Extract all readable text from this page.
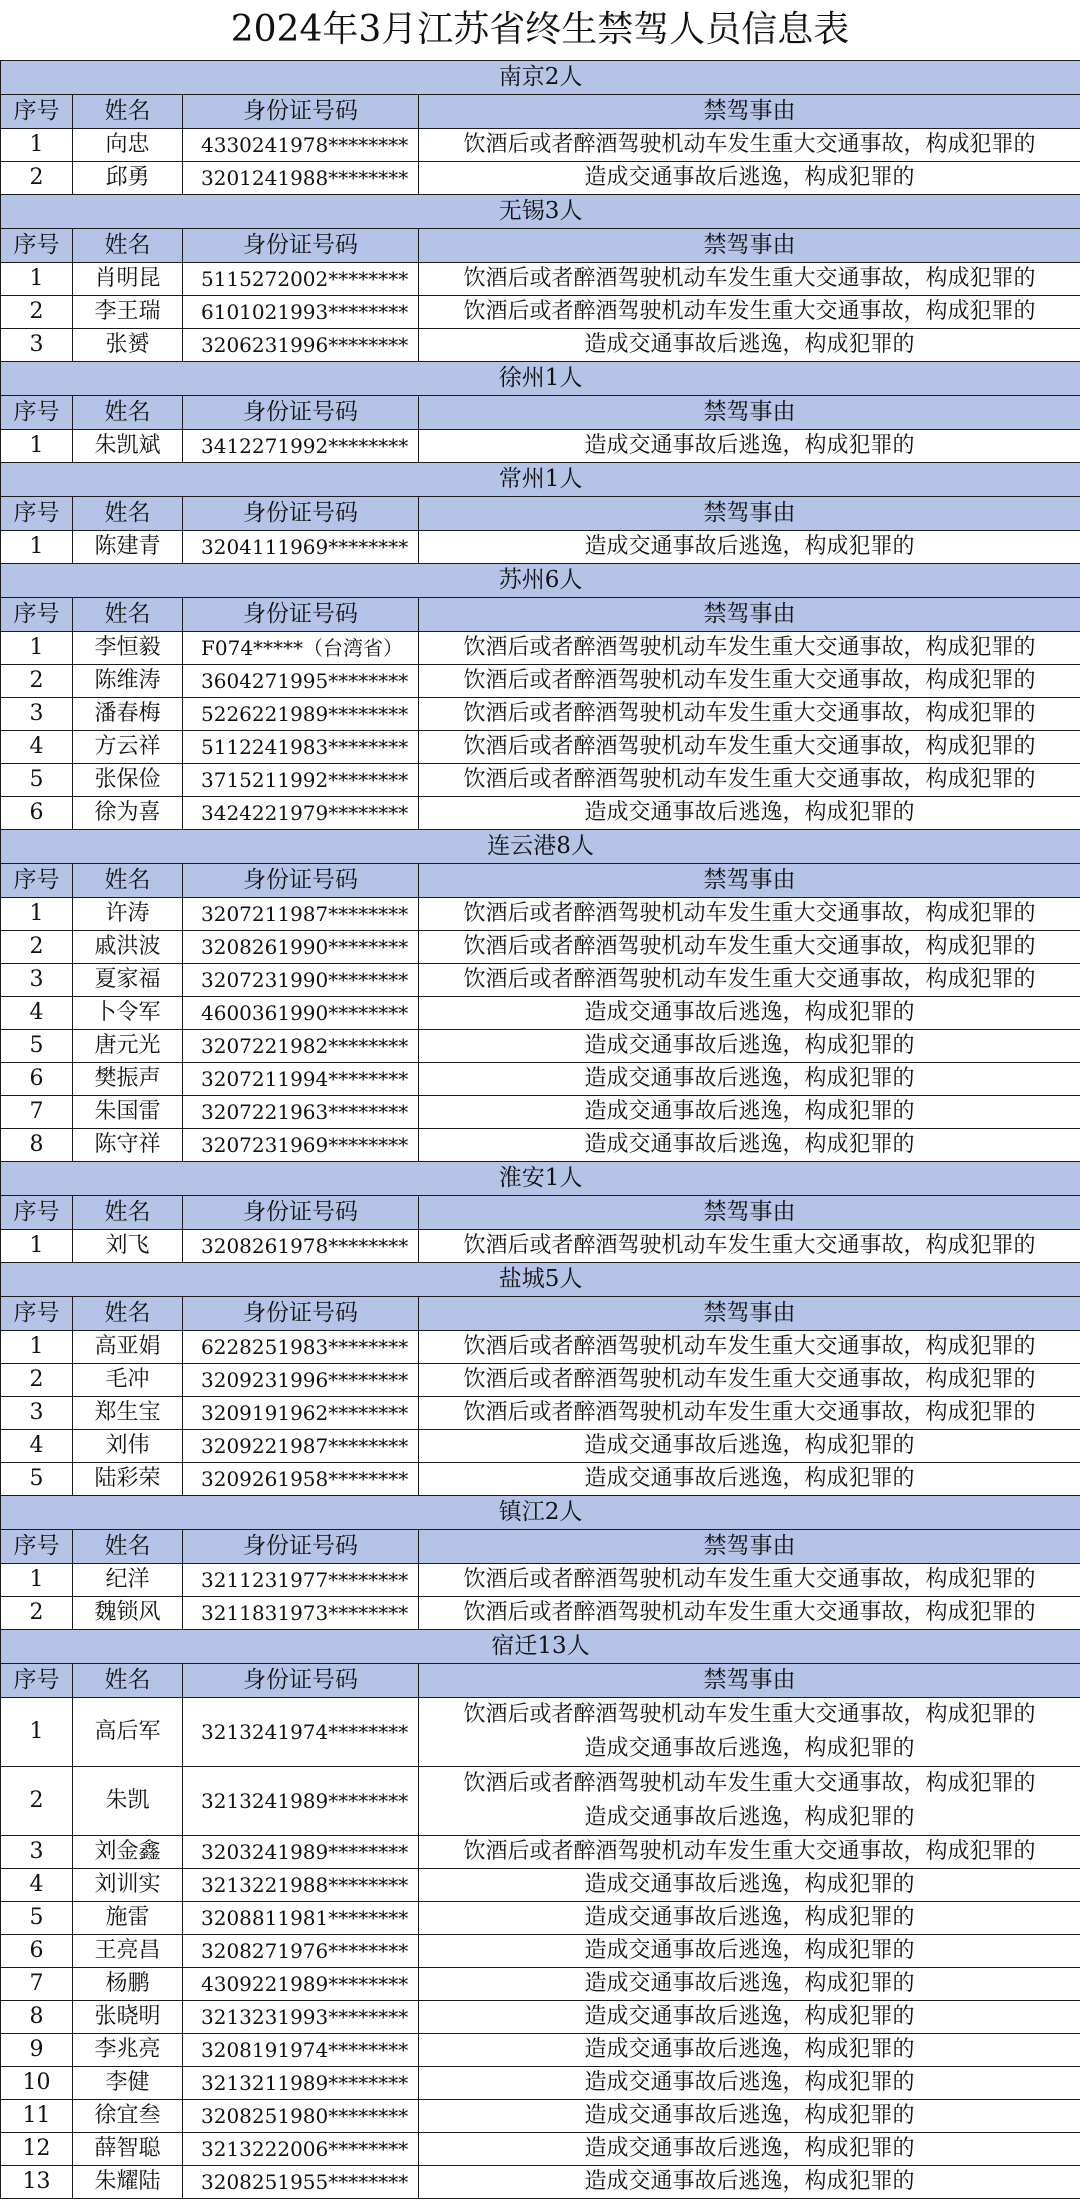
2024年3月江苏省终生禁驾人员信息表
南京2人			
序号	姓名	身份证号码	禁驾事由
1	向忠	4330241978********	饮酒后或者醉酒驾驶机动车发生重大交通事故，构成犯罪的
2	邱勇	3201241988********	造成交通事故后逃逸，构成犯罪的
无锡3人			
序号	姓名	身份证号码	禁驾事由
1	肖明昆	5115272002********	饮酒后或者醉酒驾驶机动车发生重大交通事故，构成犯罪的
2	李王瑞	6101021993********	饮酒后或者醉酒驾驶机动车发生重大交通事故，构成犯罪的
3	张赟	3206231996********	造成交通事故后逃逸，构成犯罪的
徐州1人			
序号	姓名	身份证号码	禁驾事由
1	朱凯斌	3412271992********	造成交通事故后逃逸，构成犯罪的
常州1人			
序号	姓名	身份证号码	禁驾事由
1	陈建青	3204111969********	造成交通事故后逃逸，构成犯罪的
苏州6人			
序号	姓名	身份证号码	禁驾事由
1	李恒毅	F074*****（台湾省）	饮酒后或者醉酒驾驶机动车发生重大交通事故，构成犯罪的
2	陈维涛	3604271995********	饮酒后或者醉酒驾驶机动车发生重大交通事故，构成犯罪的
3	潘春梅	5226221989********	饮酒后或者醉酒驾驶机动车发生重大交通事故，构成犯罪的
4	方云祥	5112241983********	饮酒后或者醉酒驾驶机动车发生重大交通事故，构成犯罪的
5	张保俭	3715211992********	饮酒后或者醉酒驾驶机动车发生重大交通事故，构成犯罪的
6	徐为喜	3424221979********	造成交通事故后逃逸，构成犯罪的
连云港8人			
序号	姓名	身份证号码	禁驾事由
1	许涛	3207211987********	饮酒后或者醉酒驾驶机动车发生重大交通事故，构成犯罪的
2	戚洪波	3208261990********	饮酒后或者醉酒驾驶机动车发生重大交通事故，构成犯罪的
3	夏家福	3207231990********	饮酒后或者醉酒驾驶机动车发生重大交通事故，构成犯罪的
4	卜令军	4600361990********	造成交通事故后逃逸，构成犯罪的
5	唐元光	3207221982********	造成交通事故后逃逸，构成犯罪的
6	樊振声	3207211994********	造成交通事故后逃逸，构成犯罪的
7	朱国雷	3207221963********	造成交通事故后逃逸，构成犯罪的
8	陈守祥	3207231969********	造成交通事故后逃逸，构成犯罪的
淮安1人			
序号	姓名	身份证号码	禁驾事由
1	刘飞	3208261978********	饮酒后或者醉酒驾驶机动车发生重大交通事故，构成犯罪的
盐城5人			
序号	姓名	身份证号码	禁驾事由
1	高亚娟	6228251983********	饮酒后或者醉酒驾驶机动车发生重大交通事故，构成犯罪的
2	毛冲	3209231996********	饮酒后或者醉酒驾驶机动车发生重大交通事故，构成犯罪的
3	郑生宝	3209191962********	饮酒后或者醉酒驾驶机动车发生重大交通事故，构成犯罪的
4	刘伟	3209221987********	造成交通事故后逃逸，构成犯罪的
5	陆彩荣	3209261958********	造成交通事故后逃逸，构成犯罪的
镇江2人			
序号	姓名	身份证号码	禁驾事由
1	纪洋	3211231977********	饮酒后或者醉酒驾驶机动车发生重大交通事故，构成犯罪的
2	魏锁风	3211831973********	饮酒后或者醉酒驾驶机动车发生重大交通事故，构成犯罪的
宿迁13人			
序号	姓名	身份证号码	禁驾事由
1	高后军	3213241974********	饮酒后或者醉酒驾驶机动车发生重大交通事故，构成犯罪的
造成交通事故后逃逸，构成犯罪的

2	朱凯	3213241989********	饮酒后或者醉酒驾驶机动车发生重大交通事故，构成犯罪的
造成交通事故后逃逸，构成犯罪的

3	刘金鑫	3203241989********	饮酒后或者醉酒驾驶机动车发生重大交通事故，构成犯罪的
4	刘训实	3213221988********	造成交通事故后逃逸，构成犯罪的
5	施雷	3208811981********	造成交通事故后逃逸，构成犯罪的
6	王亮昌	3208271976********	造成交通事故后逃逸，构成犯罪的
7	杨鹏	4309221989********	造成交通事故后逃逸，构成犯罪的
8	张晓明	3213231993********	造成交通事故后逃逸，构成犯罪的
9	李兆亮	3208191974********	造成交通事故后逃逸，构成犯罪的
10	李健	3213211989********	造成交通事故后逃逸，构成犯罪的
11	徐宜叁	3208251980********	造成交通事故后逃逸，构成犯罪的
12	薛智聪	3213222006********	造成交通事故后逃逸，构成犯罪的
13	朱耀陆	3208251955********	造成交通事故后逃逸，构成犯罪的
